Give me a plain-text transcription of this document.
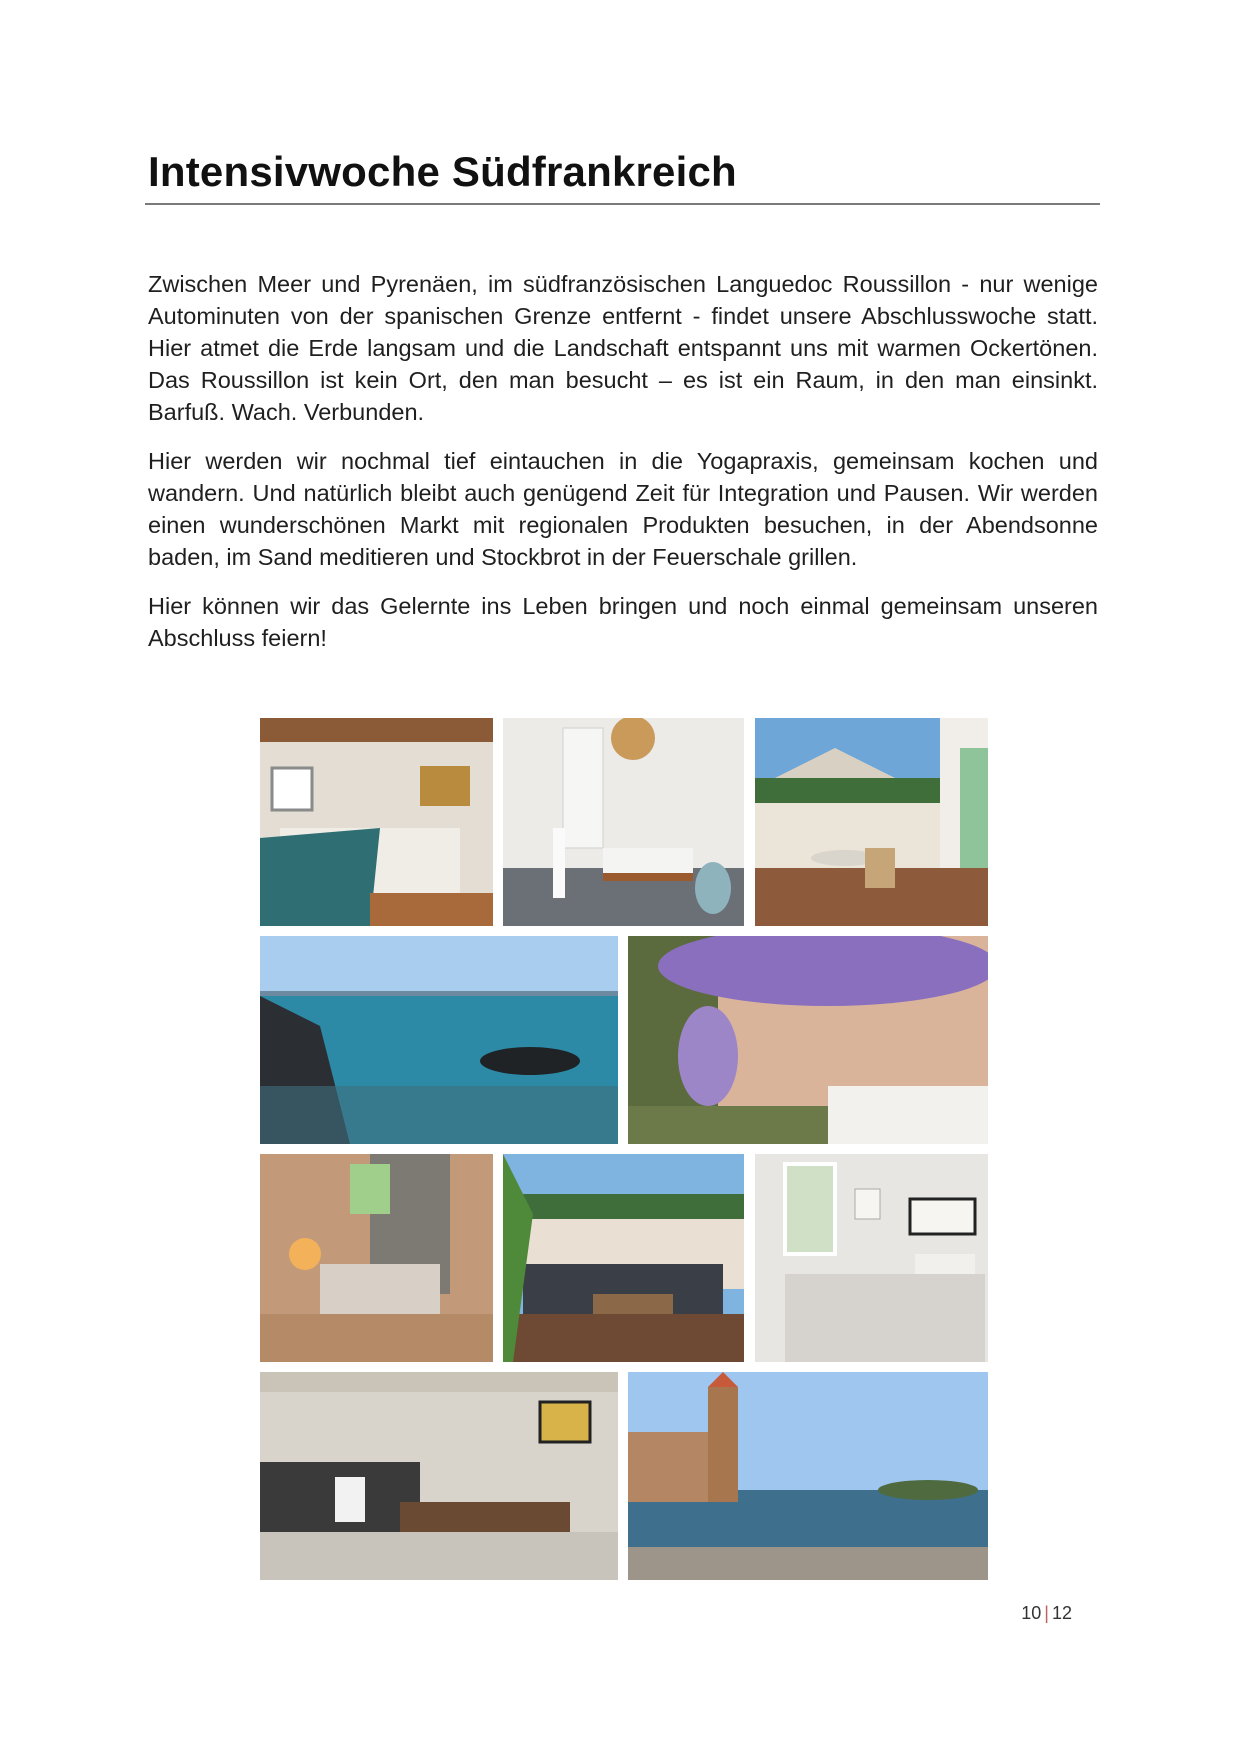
Intensivwoche Südfrankreich

Zwischen Meer und Pyrenäen, im südfranzösischen Languedoc Roussillon - nur wenige Autominuten von der spanischen Grenze entfernt - findet unsere Abschlusswoche statt. Hier atmet die Erde langsam und die Landschaft entspannt uns mit warmen Ockertönen. Das Roussillon ist kein Ort, den man besucht – es ist ein Raum, in den man einsinkt. Barfuß. Wach. Verbunden.

Hier werden wir nochmal tief eintauchen in die Yogapraxis, gemeinsam kochen und wandern. Und natürlich bleibt auch genügend Zeit für Integration und Pausen. Wir werden einen wunderschönen Markt mit regionalen Produkten besuchen, in der Abendsonne baden, im Sand meditieren und Stockbrot in der Feuerschale grillen.

Hier können wir das Gelernte ins Leben bringen und noch einmal gemeinsam unseren Abschluss feiern!

10 | 12
